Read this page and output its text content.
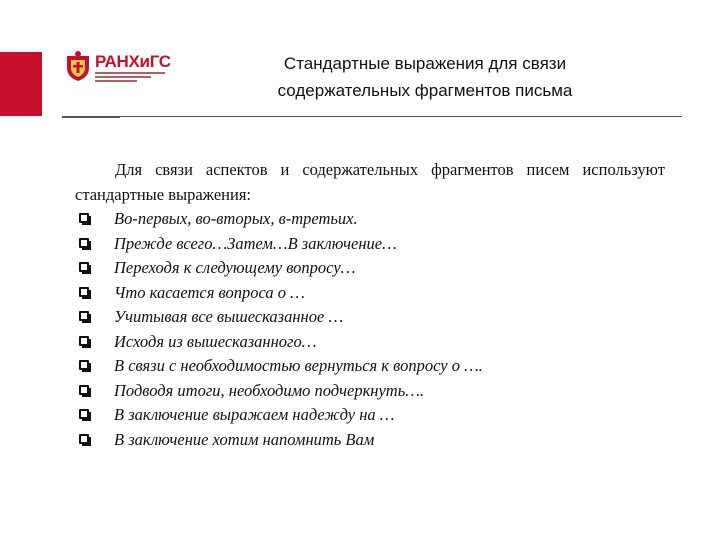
РАНХиГС	Стандартные выражения для связи
содержательных фрагментов письма

Для связи аспектов и содержательных фрагментов писем используют стандартные выражения:

Во-первых, во-вторых, в-третьих.
Прежде всего…Затем…В заключение…
Переходя к следующему вопросу…
Что касается вопроса о …
Учитывая все вышесказанное …
Исходя из вышесказанного…
В связи с необходимостью вернуться к вопросу о ….
Подводя итоги, необходимо подчеркнуть….
В заключение выражаем надежду на …
В заключение хотим напомнить Вам
